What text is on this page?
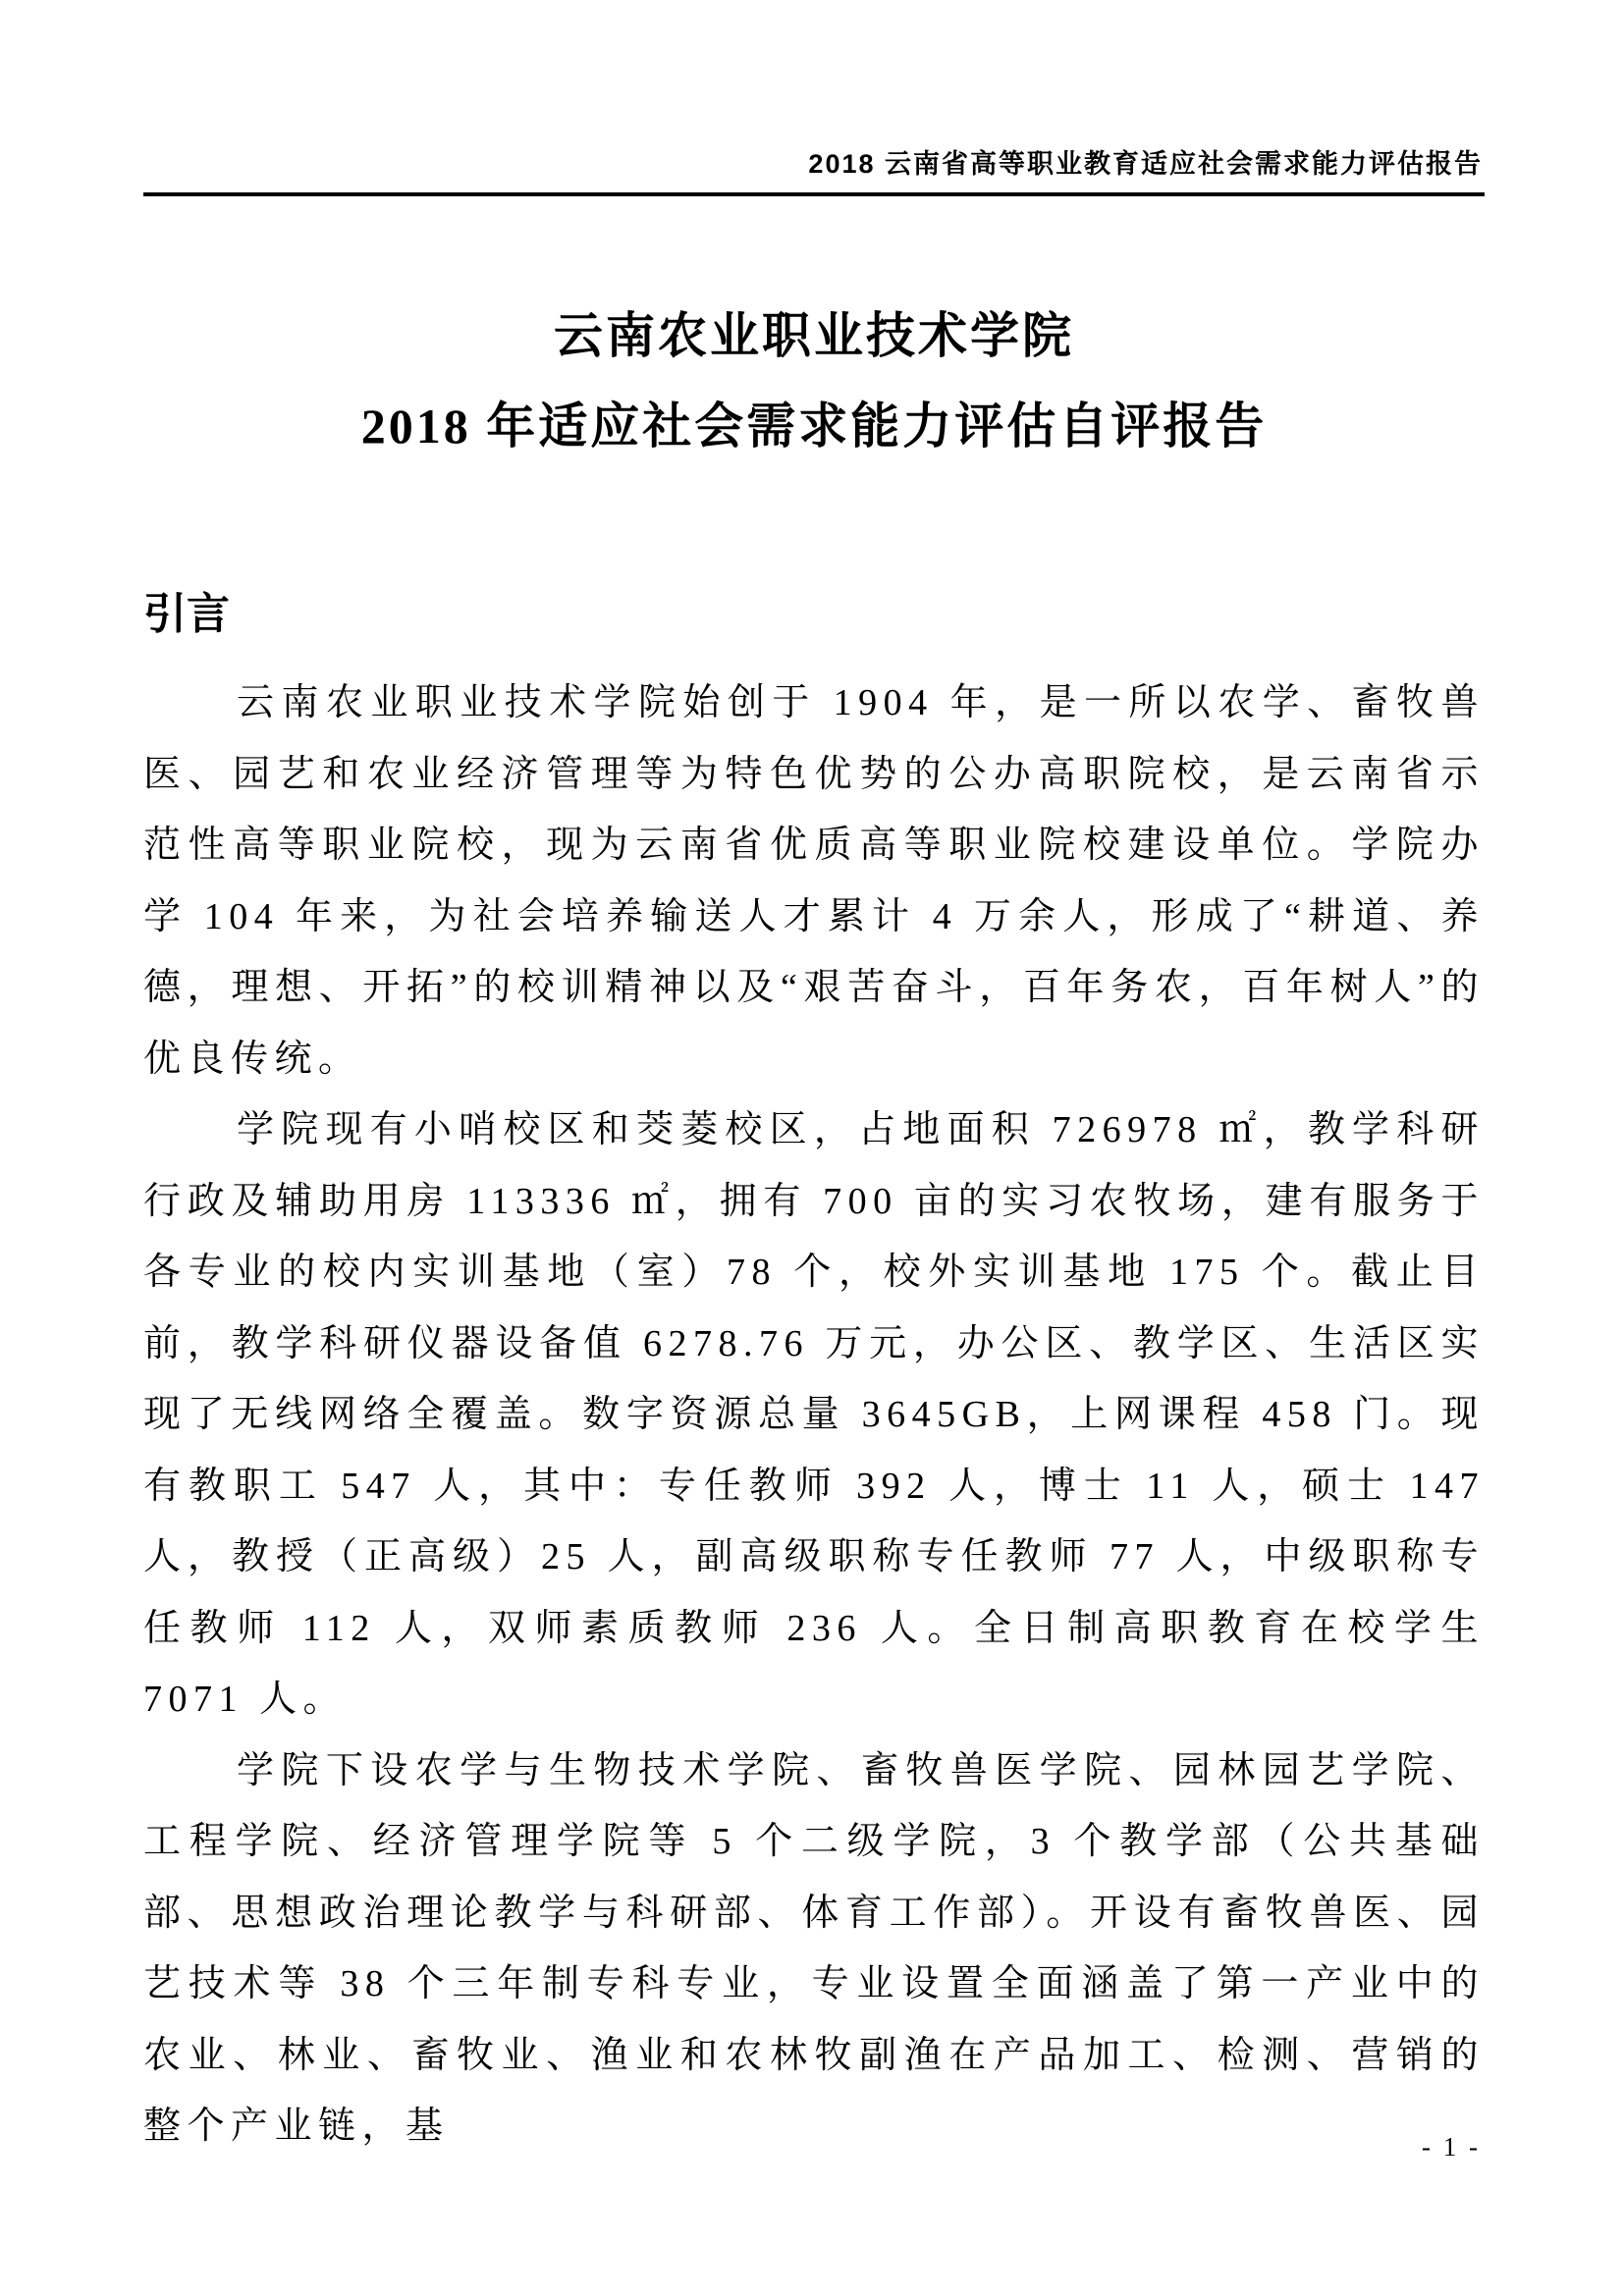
2018 云南省高等职业教育适应社会需求能力评估报告
云南农业职业技术学院
2018 年适应社会需求能力评估自评报告
引言

云南农业职业技术学院始创于 1904 年，是一所以农学、畜牧兽医、园艺和农业经济管理等为特色优势的公办高职院校，是云南省示范性高等职业院校，现为云南省优质高等职业院校建设单位。学院办学 104 年来，为社会培养输送人才累计 4 万余人，形成了“耕道、养德，理想、开拓”的校训精神以及“艰苦奋斗，百年务农，百年树人”的优良传统。

学院现有小哨校区和茭菱校区，占地面积 726978 ㎡，教学科研行政及辅助用房 113336 ㎡，拥有 700 亩的实习农牧场，建有服务于各专业的校内实训基地（室）78 个，校外实训基地 175 个。截止目前，教学科研仪器设备值 6278.76 万元，办公区、教学区、生活区实现了无线网络全覆盖。数字资源总量 3645GB，上网课程 458 门。现有教职工 547 人，其中：专任教师 392 人，博士 11 人，硕士 147 人，教授（正高级）25 人，副高级职称专任教师 77 人，中级职称专任教师 112 人，双师素质教师 236 人。全日制高职教育在校学生 7071 人。

学院下设农学与生物技术学院、畜牧兽医学院、园林园艺学院、工程学院、经济管理学院等 5 个二级学院，3 个教学部（公共基础部、思想政治理论教学与科研部、体育工作部）。开设有畜牧兽医、园艺技术等 38 个三年制专科专业，专业设置全面涵盖了第一产业中的农业、林业、畜牧业、渔业和农林牧副渔在产品加工、检测、营销的整个产业链，基	- 1 -
